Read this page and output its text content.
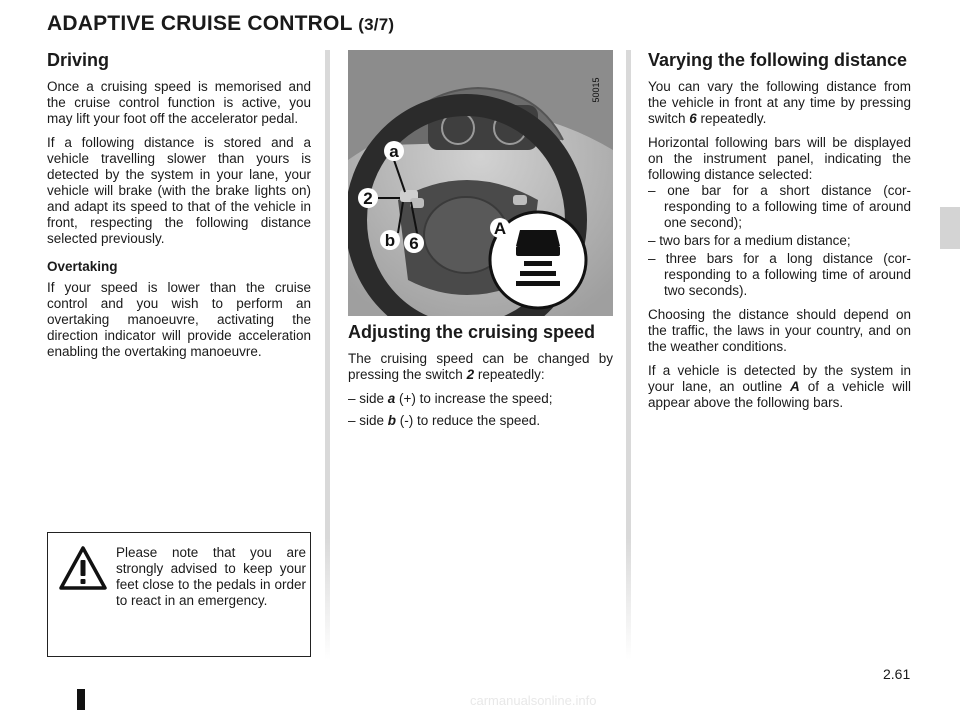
ADAPTIVE CRUISE CONTROL (3/7)
Driving

Once a cruising speed is memorised and the cruise control function is active, you may lift your foot off the accelerator pedal.

If a following distance is stored and a vehicle travelling slower than yours is detected by the system in your lane, your vehicle will brake (with the brake lights on) and adapt its speed to that of the vehicle in front, respecting the following distance selected previously.

Overtaking

If your speed is lower than the cruise control and you wish to perform an overtaking manoeuvre, activating the direction indicator will provide acceleration enabling the overtaking manoeuvre.

Please note that you are strongly advised to keep your feet close to the pedals in order to react in an emergency.

a
2
b 6
A
50015
Adjusting the cruising speed

The cruising speed can be changed by pressing the switch 2 repeatedly:

– side a (+) to increase the speed;

– side b (-) to reduce the speed.

Varying the following distance

You can vary the following distance from the vehicle in front at any time by pressing switch 6 repeatedly.

Horizontal following bars will be displayed on the instrument panel, indicating the following distance selected:

– one bar for a short distance (corresponding to a following time of around one second);

– two bars for a medium distance;

– three bars for a long distance (corresponding to a following time of around two seconds).

Choosing the distance should depend on the traffic, the laws in your country, and on the weather conditions.

If a vehicle is detected by the system in your lane, an outline A of a vehicle will appear above the following bars.

2.61
carmanualsonline.info
